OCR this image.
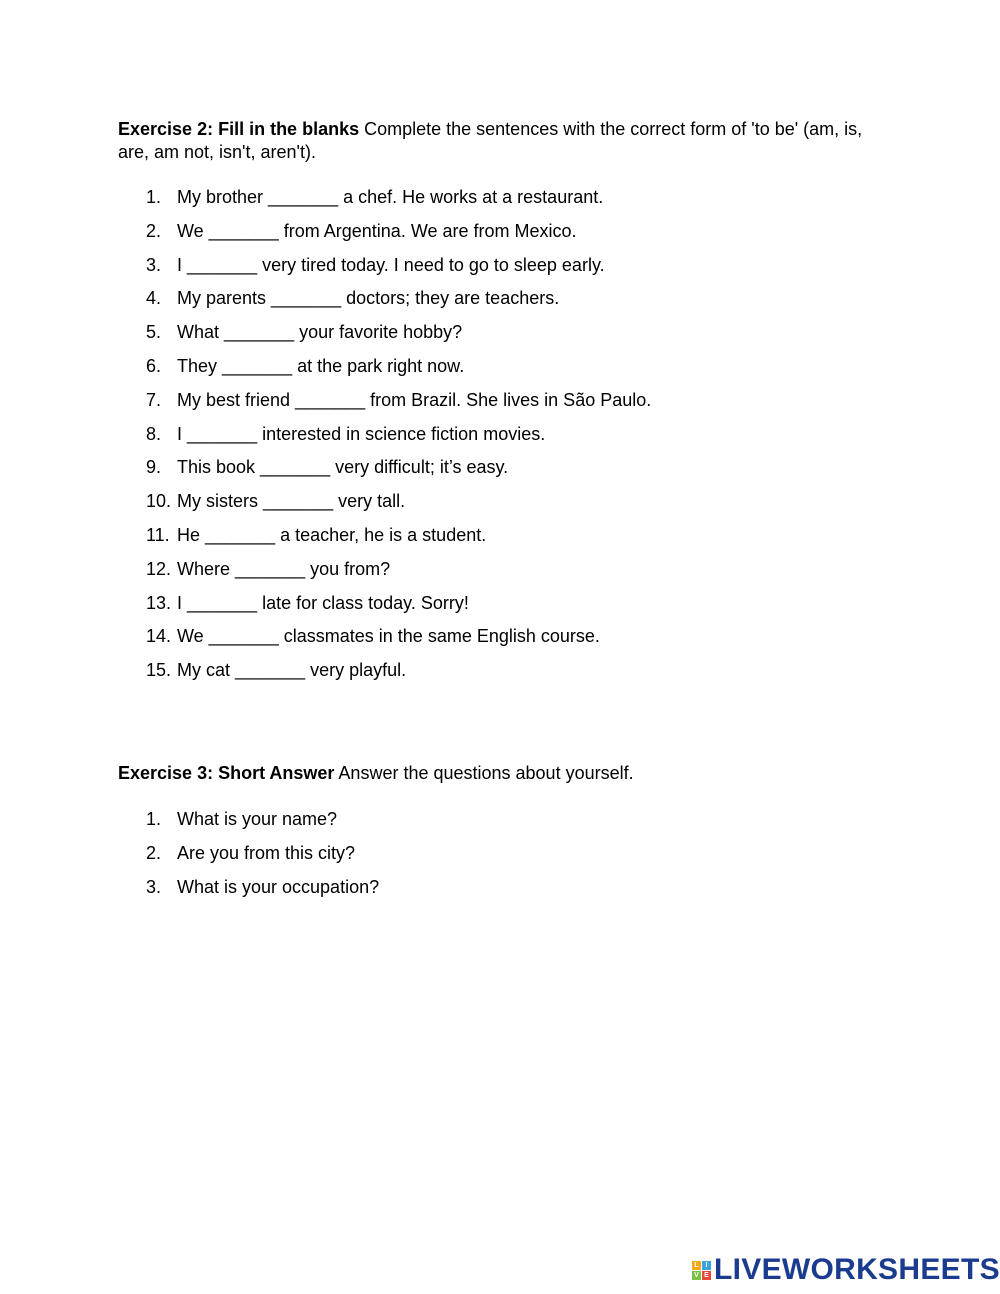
Exercise 2: Fill in the blanks Complete the sentences with the correct form of 'to be' (am, is, are, am not, isn't, aren't).

1. My brother _______ a chef. He works at a restaurant.
2. We _______ from Argentina. We are from Mexico.
3. I _______ very tired today. I need to go to sleep early.
4. My parents _______ doctors; they are teachers.
5. What _______ your favorite hobby?
6. They _______ at the park right now.
7. My best friend _______ from Brazil. She lives in São Paulo.
8. I _______ interested in science fiction movies.
9. This book _______ very difficult; it’s easy.
10. My sisters _______ very tall.
11. He _______ a teacher, he is a student.
12. Where _______ you from?
13. I _______ late for class today. Sorry!
14. We _______ classmates in the same English course.
15. My cat _______ very playful.

Exercise 3: Short Answer Answer the questions about yourself.

1. What is your name?
2. Are you from this city?
3. What is your occupation?
L I
V E LIVEWORKSHEETS
